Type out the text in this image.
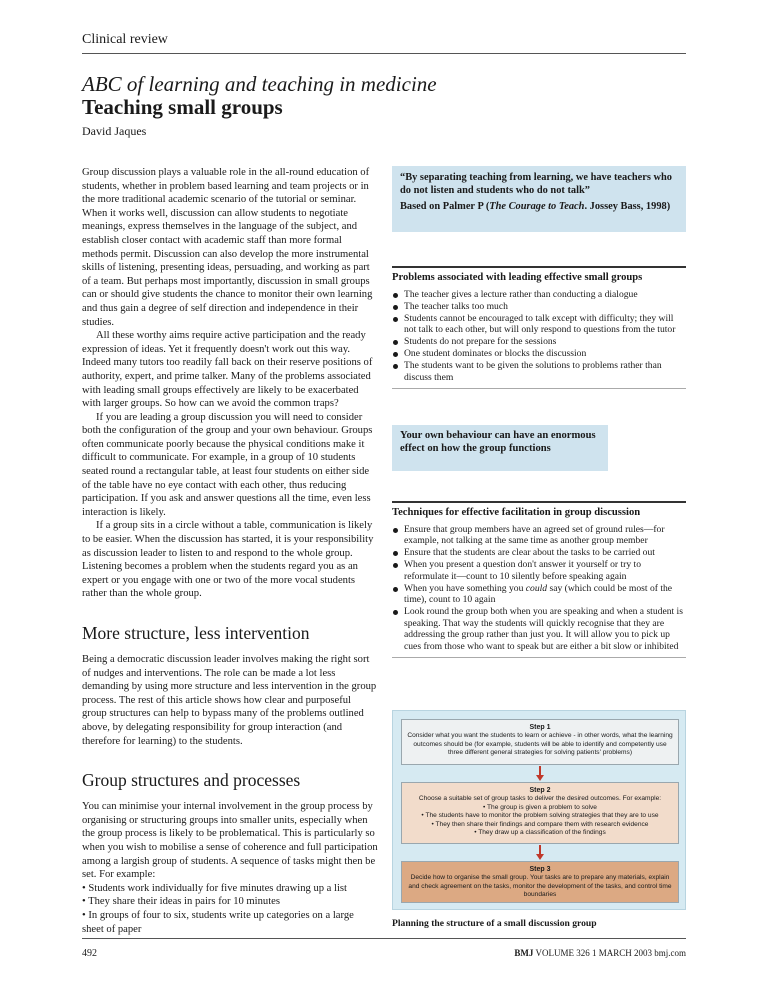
Clinical review
ABC of learning and teaching in medicine
Teaching small groups
David Jaques

Group discussion plays a valuable role in the all-round education of students, whether in problem based learning and team projects or in the more traditional academic scenario of the tutorial or seminar. When it works well, discussion can allow students to negotiate meanings, express themselves in the language of the subject, and establish closer contact with academic staff than more formal methods permit. Discussion can also develop the more instrumental skills of listening, presenting ideas, persuading, and working as part of a team. But perhaps most importantly, discussion in small groups can or should give students the chance to monitor their own learning and thus gain a degree of self direction and independence in their studies.

All these worthy aims require active participation and the ready expression of ideas. Yet it frequently doesn't work out this way. Indeed many tutors too readily fall back on their reserve positions of authority, expert, and prime talker. Many of the problems associated with leading small groups effectively are likely to be exacerbated with larger groups. So how can we avoid the common traps?

If you are leading a group discussion you will need to consider both the configuration of the group and your own behaviour. Groups often communicate poorly because the physical conditions make it difficult to communicate. For example, in a group of 10 students seated round a rectangular table, at least four students on either side of the table have no eye contact with each other, thus reducing participation. If you ask and answer questions all the time, even less interaction is likely.

If a group sits in a circle without a table, communication is likely to be easier. When the discussion has started, it is your responsibility as discussion leader to listen to and respond to the whole group. Listening becomes a problem when the students regard you as an expert or you engage with one or two of the more vocal students rather than the whole group.

More structure, less intervention

Being a democratic discussion leader involves making the right sort of nudges and interventions. The role can be made a lot less demanding by using more structure and less intervention in the group process. The rest of this article shows how clear and purposeful group structures can help to bypass many of the problems outlined above, by delegating responsibility for group interaction (and therefore for learning) to the students.

Group structures and processes

You can minimise your internal involvement in the group process by organising or structuring groups into smaller units, especially when the group process is likely to be problematical. This is particularly so when you wish to mobilise a sense of coherence and full participation among a largish group of students. A sequence of tasks might then be set. For example:

• Students work individually for five minutes drawing up a list
• They share their ideas in pairs for 10 minutes
• In groups of four to six, students write up categories on a large sheet of paper
“By separating teaching from learning, we have teachers who do not listen and students who do not talk”
Based on Palmer P (The Courage to Teach. Jossey Bass, 1998)
Problems associated with leading effective small groups
The teacher gives a lecture rather than conducting a dialogue
The teacher talks too much
Students cannot be encouraged to talk except with difficulty; they will not talk to each other, but will only respond to questions from the tutor
Students do not prepare for the sessions
One student dominates or blocks the discussion
The students want to be given the solutions to problems rather than discuss them
Your own behaviour can have an enormous effect on how the group functions
Techniques for effective facilitation in group discussion
Ensure that group members have an agreed set of ground rules—for example, not talking at the same time as another group member
Ensure that the students are clear about the tasks to be carried out
When you present a question don't answer it yourself or try to reformulate it—count to 10 silently before speaking again
When you have something you could say (which could be most of the time), count to 10 again
Look round the group both when you are speaking and when a student is speaking. That way the students will quickly recognise that they are addressing the group rather than just you. It will allow you to pick up cues from those who want to speak but are either a bit slow or inhibited
Step 1
Consider what you want the students to learn or achieve - in other words, what the learning outcomes should be (for example, students will be able to identify and competently use three different general strategies for solving patients' problems)
Step 2
Choose a suitable set of group tasks to deliver the desired outcomes. For example:
• The group is given a problem to solve
• The students have to monitor the problem solving strategies that they are to use
• They then share their findings and compare them with research evidence
• They draw up a classification of the findings
Step 3
Decide how to organise the small group. Your tasks are to prepare any materials, explain and check agreement on the tasks, monitor the development of the tasks, and control time boundaries
Planning the structure of a small discussion group
492	BMJ VOLUME 326 1 MARCH 2003 bmj.com
